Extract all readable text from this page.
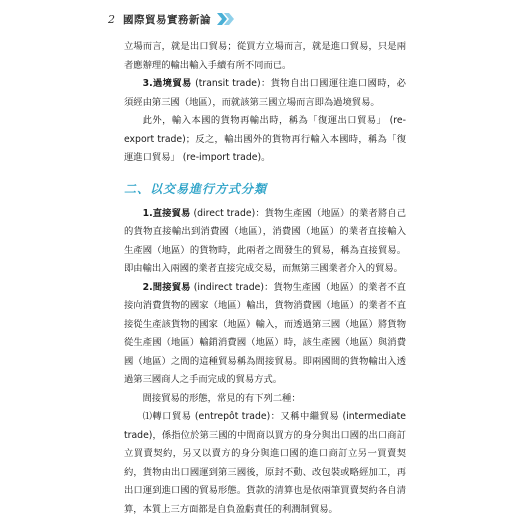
2 國際貿易實務新論

立場而言，就是出口貿易；從買方立場而言，就是進口貿易，只是兩者應辦理的輸出輸入手續有所不同而已。

3.過境貿易 (transit trade)：貨物自出口國運往進口國時，必須經由第三國（地區），而就該第三國立場而言即為過境貿易。

此外，輸入本國的貨物再輸出時，稱為「復運出口貿易」 (re-export trade)；反之，輸出國外的貨物再行輸入本國時，稱為「復運進口貿易」 (re-import trade)。

二、以交易進行方式分類

1.直接貿易 (direct trade)：貨物生產國（地區）的業者將自己的貨物直接輸出到消費國（地區），消費國（地區）的業者直接輸入生產國（地區）的貨物時，此兩者之間發生的貿易，稱為直接貿易。即由輸出入兩國的業者直接完成交易，而無第三國業者介入的貿易。

2.間接貿易 (indirect trade)：貨物生產國（地區）的業者不直接向消費貨物的國家（地區）輸出，貨物消費國（地區）的業者不直接從生產該貨物的國家（地區）輸入，而透過第三國（地區）將貨物從生產國（地區）輸銷消費國（地區）時，該生產國（地區）與消費國（地區）之間的這種貿易稱為間接貿易。即兩國間的貨物輸出入透過第三國商人之手而完成的貿易方式。

間接貿易的形態，常見的有下列二種：

⑴轉口貿易 (entrepôt trade)：又稱中繼貿易 (intermediate trade)，係指位於第三國的中間商以買方的身分與出口國的出口商訂立買賣契約，另又以賣方的身分與進口國的進口商訂立另一買賣契約，貨物由出口國運到第三國後，原封不動、改包裝或略經加工，再出口運到進口國的貿易形態。貨款的清算也是依兩筆買賣契約各自清算，本質上三方面都是自負盈虧責任的利潤制貿易。
